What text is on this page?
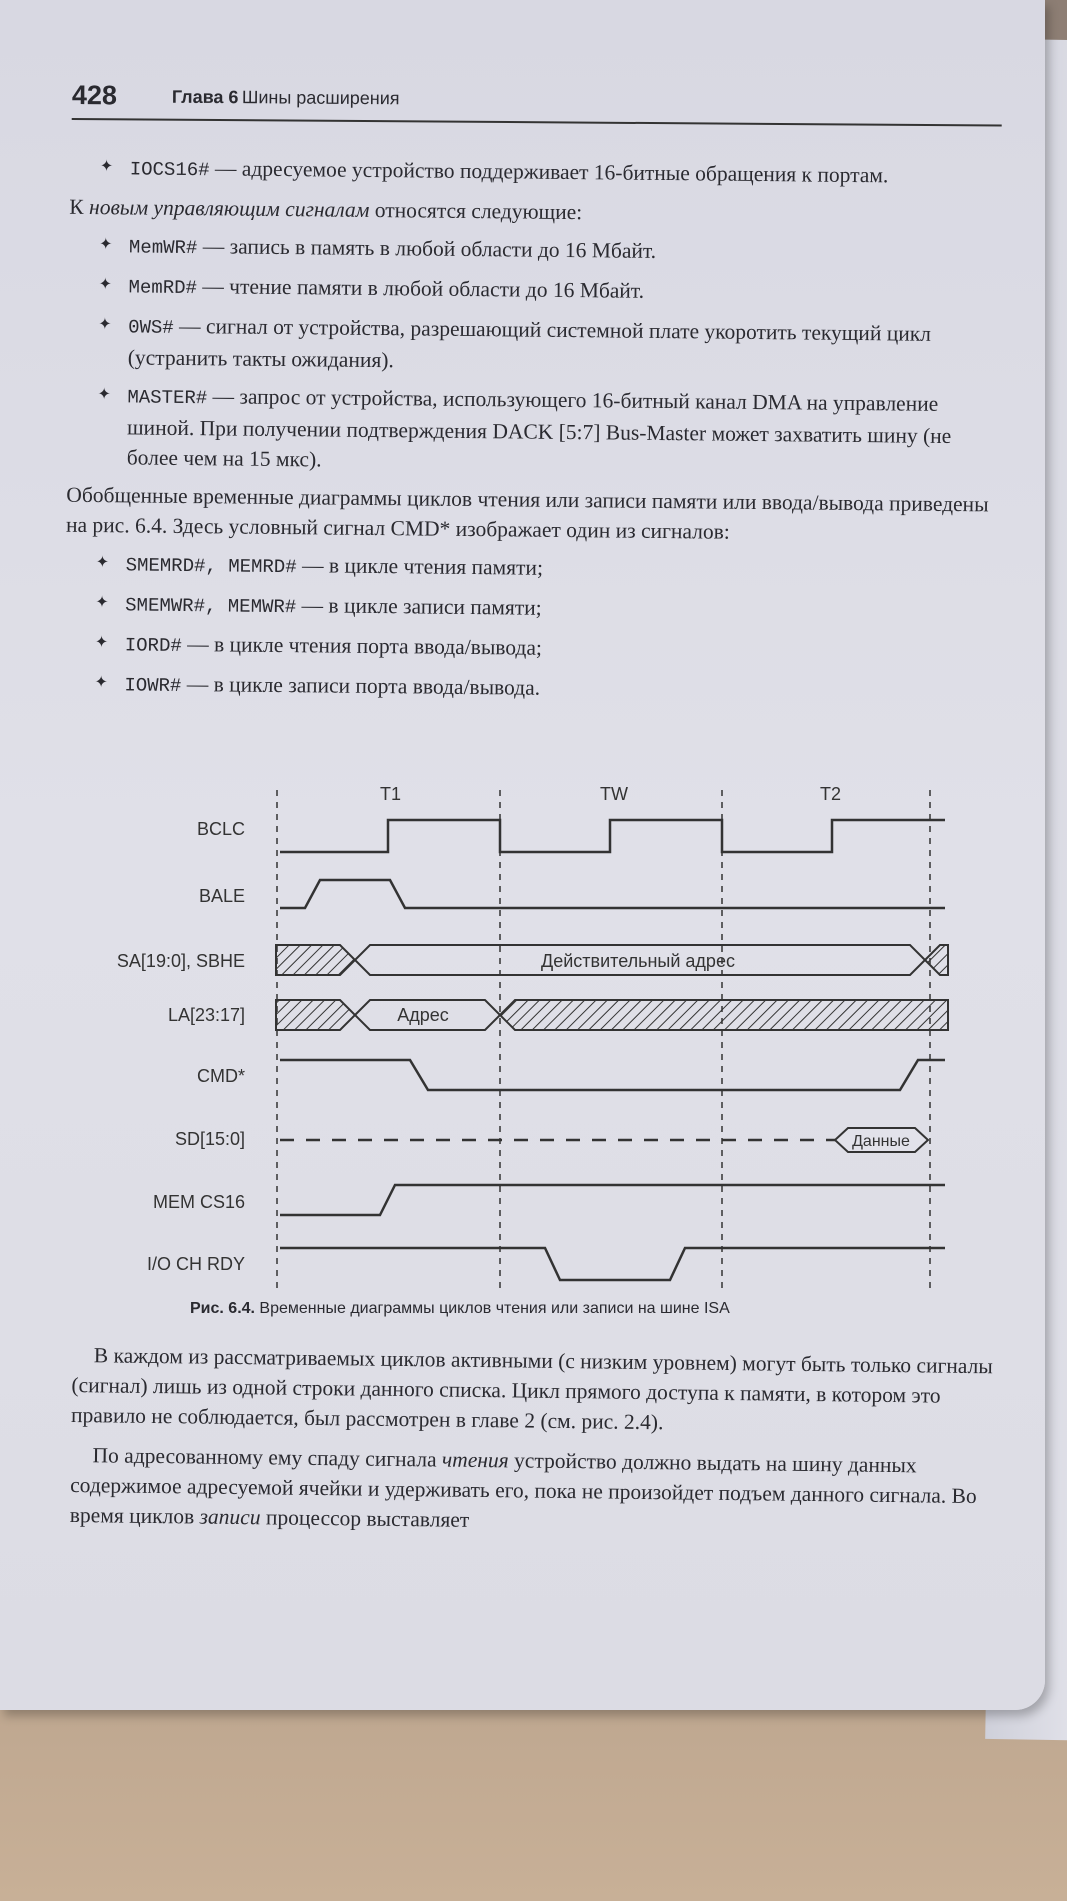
428	Глава 6 Шины расширения
✦ IOCS16# — адресуемое устройство поддерживает 16-битные обращения к портам.

К новым управляющим сигналам относятся следующие:

✦ MemWR# — запись в память в любой области до 16 Мбайт.
✦ MemRD# — чтение памяти в любой области до 16 Мбайт.
✦ 0WS# — сигнал от устройства, разрешающий системной плате укоротить текущий цикл (устранить такты ожидания).
✦ MASTER# — запрос от устройства, использующего 16-битный канал DMA на управление шиной. При получении подтверждения DACK [5:7] Bus-Master может захватить шину (не более чем на 15 мкс).

Обобщенные временные диаграммы циклов чтения или записи памяти или ввода/вывода приведены на рис. 6.4. Здесь условный сигнал CMD* изображает один из сигналов:

✦ SMEMRD#, MEMRD# — в цикле чтения памяти;
✦ SMEMWR#, MEMWR# — в цикле записи памяти;
✦ IORD# — в цикле чтения порта ввода/вывода;
✦ IOWR# — в цикле записи порта ввода/вывода.
T1	TW	T2
BCLC
BALE
SA[19:0], SBHE	Действительный адрес
LA[23:17]	Адрес
CMD*
SD[15:0]	Данные
MEM CS16
I/O CH RDY
Рис. 6.4. Временные диаграммы циклов чтения или записи на шине ISA

В каждом из рассматриваемых циклов активными (с низким уровнем) могут быть только сигналы (сигнал) лишь из одной строки данного списка. Цикл прямого доступа к памяти, в котором это правило не соблюдается, был рассмотрен в главе 2 (см. рис. 2.4).

По адресованному ему спаду сигнала чтения устройство должно выдать на шину данных содержимое адресуемой ячейки и удерживать его, пока не произойдет подъем данного сигнала. Во время циклов записи процессор выставляет
